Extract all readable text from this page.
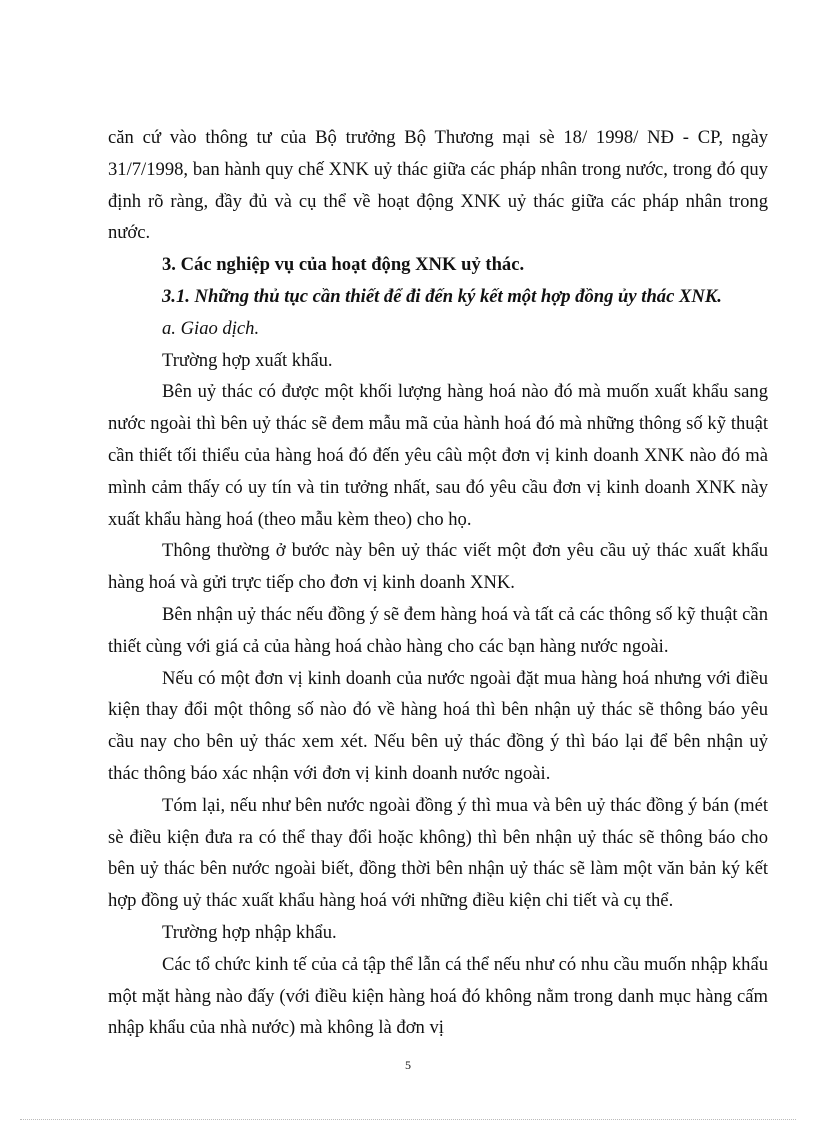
căn cứ vào thông tư của Bộ trưởng Bộ Thương mại sè 18/ 1998/ NĐ - CP, ngày 31/7/1998, ban hành quy chế XNK uỷ thác giữa các pháp nhân trong nước, trong đó quy định rõ ràng, đầy đủ và cụ thể về hoạt động XNK uỷ thác giữa các pháp nhân trong nước.

3. Các nghiệp vụ của hoạt động XNK uỷ thác.

3.1. Những thủ tục cần thiết để đi đến ký kết một hợp đồng ủy thác XNK.

a. Giao dịch.

Trường hợp xuất khẩu.

Bên uỷ thác có được một khối lượng hàng hoá nào đó mà muốn xuất khẩu sang nước ngoài thì bên uỷ thác sẽ đem mẫu mã của hành hoá đó mà những thông số kỹ thuật cần thiết tối thiểu của hàng hoá đó đến yêu câù một đơn vị kinh doanh XNK nào đó mà mình cảm thấy có uy tín và tin tưởng nhất, sau đó yêu cầu đơn vị kinh doanh XNK này xuất khẩu hàng hoá (theo mẫu kèm theo) cho họ.

Thông thường ở bước này bên uỷ thác viết một đơn yêu cầu uỷ thác xuất khẩu hàng hoá và gửi trực tiếp cho đơn vị kinh doanh XNK.

Bên nhận uỷ thác nếu đồng ý sẽ đem hàng hoá và tất cả các thông số kỹ thuật cần thiết cùng với giá cả của hàng hoá chào hàng cho các bạn hàng nước ngoài.

Nếu có một đơn vị kinh doanh của nước ngoài đặt mua hàng hoá nhưng với điều kiện thay đổi một thông số nào đó về hàng hoá thì bên nhận uỷ thác sẽ thông báo yêu cầu nay cho bên uỷ thác xem xét. Nếu bên uỷ thác đồng ý thì báo lại để bên nhận uỷ thác thông báo xác nhận với đơn vị kinh doanh nước ngoài.

Tóm lại, nếu như bên nước ngoài đồng ý thì mua và bên uỷ thác đồng ý bán (mét sè điều kiện đưa ra có thể thay đổi hoặc không) thì bên nhận uỷ thác sẽ thông báo cho bên uỷ thác bên nước ngoài biết, đồng thời bên nhận uỷ thác sẽ làm một văn bản ký kết hợp đồng uỷ thác xuất khẩu hàng hoá với những điều kiện chi tiết và cụ thể.

Trường hợp nhập khẩu.

Các tổ chức kinh tế của cả tập thể lẫn cá thể nếu như có nhu cầu muốn nhập khẩu một mặt hàng nào đấy (với điều kiện hàng hoá đó không nằm trong danh mục hàng cấm nhập khẩu của nhà nước) mà không là đơn vị

5
